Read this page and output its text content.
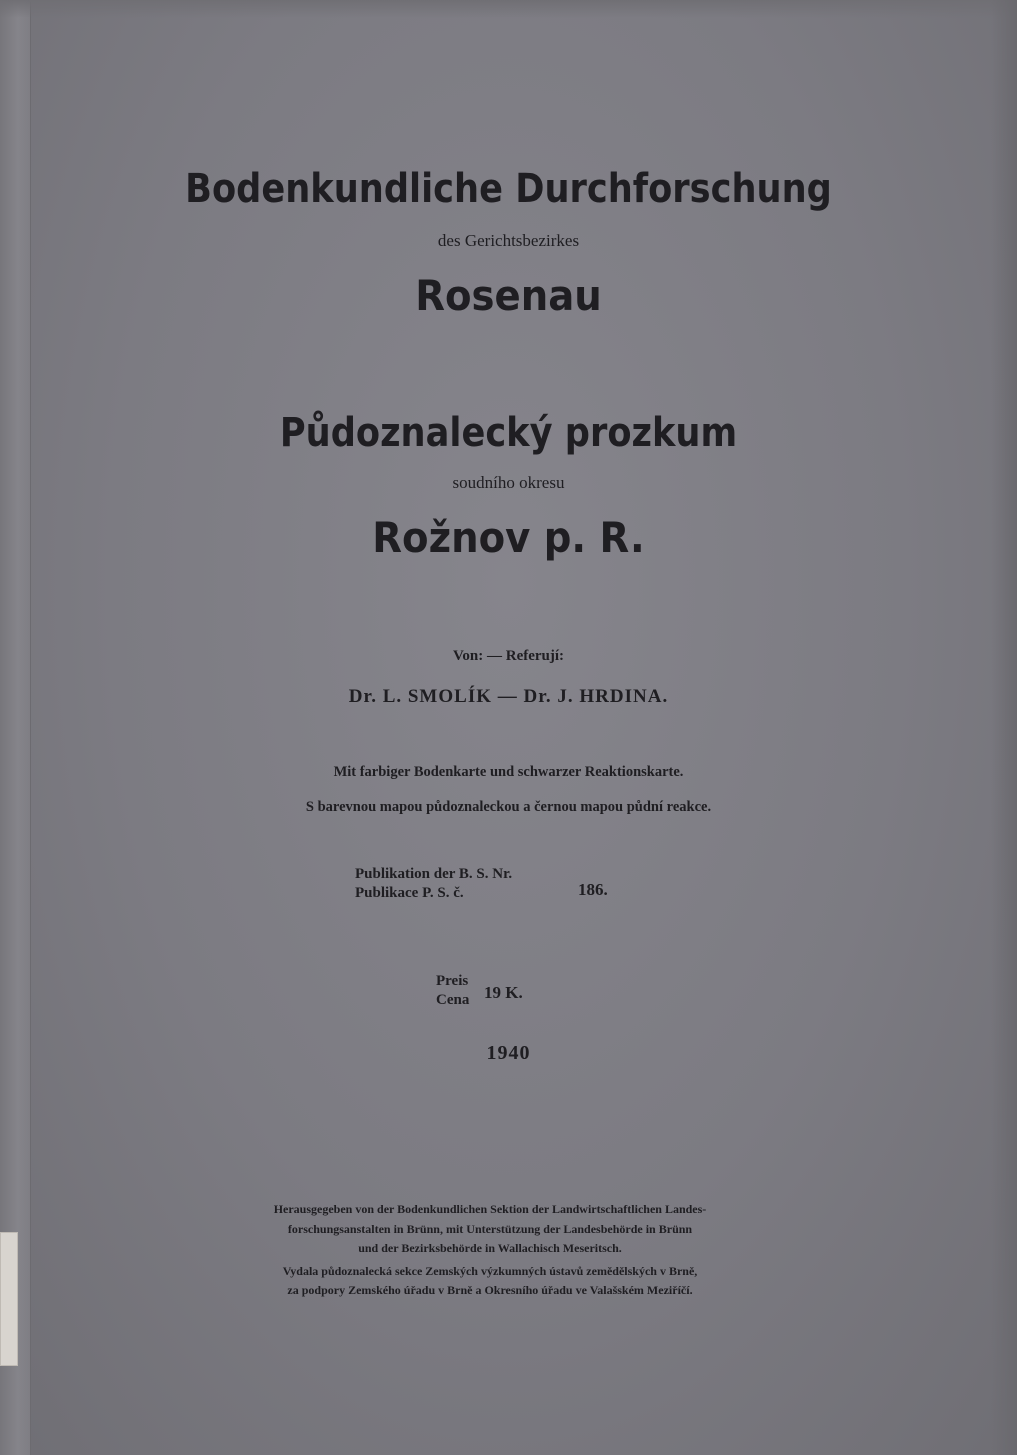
Bodenkundliche Durchforschung
des Gerichtsbezirkes
Rosenau
Půdoznalecký prozkum
soudního okresu
Rožnov p. R.
Von: — Referují:
Dr. L. SMOLÍK — Dr. J. HRDINA.
Mit farbiger Bodenkarte und schwarzer Reaktionskarte.
S barevnou mapou půdoznaleckou a černou mapou půdní reakce.
Publikation der B. S. Nr.
Publikace P. S. č.	186.
Preis
Cena 19 K.
1940
Herausgegeben von der Bodenkundlichen Sektion der Landwirtschaftlichen Landes-
forschungsanstalten in Brünn, mit Unterstützung der Landesbehörde in Brünn
und der Bezirksbehörde in Wallachisch Meseritsch.
Vydala půdoznalecká sekce Zemských výzkumných ústavů zemědělských v Brně,
za podpory Zemského úřadu v Brně a Okresního úřadu ve Valašském Meziříčí.
